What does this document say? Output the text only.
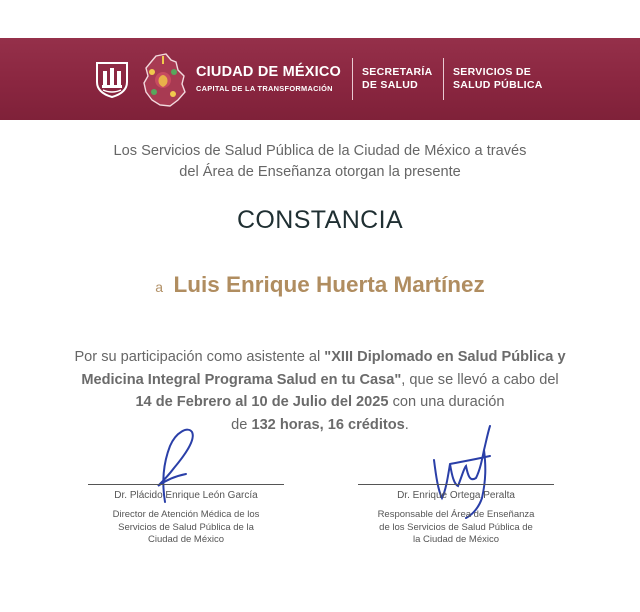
CIUDAD DE MÉXICO
CAPITAL DE LA TRANSFORMACIÓN
SECRETARÍA
DE SALUD
SERVICIOS DE
SALUD PÚBLICA
Los Servicios de Salud Pública de la Ciudad de México a través
del Área de Enseñanza otorgan la presente
CONSTANCIA
a Luis Enrique Huerta Martínez
Por su participación como asistente al "XIII Diplomado en Salud Pública y
Medicina Integral Programa Salud en tu Casa", que se llevó a cabo del
14 de Febrero al 10 de Julio del 2025 con una duración
de 132 horas, 16 créditos.
Dr. Plácido Enrique León García
Director de Atención Médica de los
Servicios de Salud Pública de la
Ciudad de México
Dr. Enrique Ortega Peralta
Responsable del Área de Enseñanza
de los Servicios de Salud Pública de
la Ciudad de México
